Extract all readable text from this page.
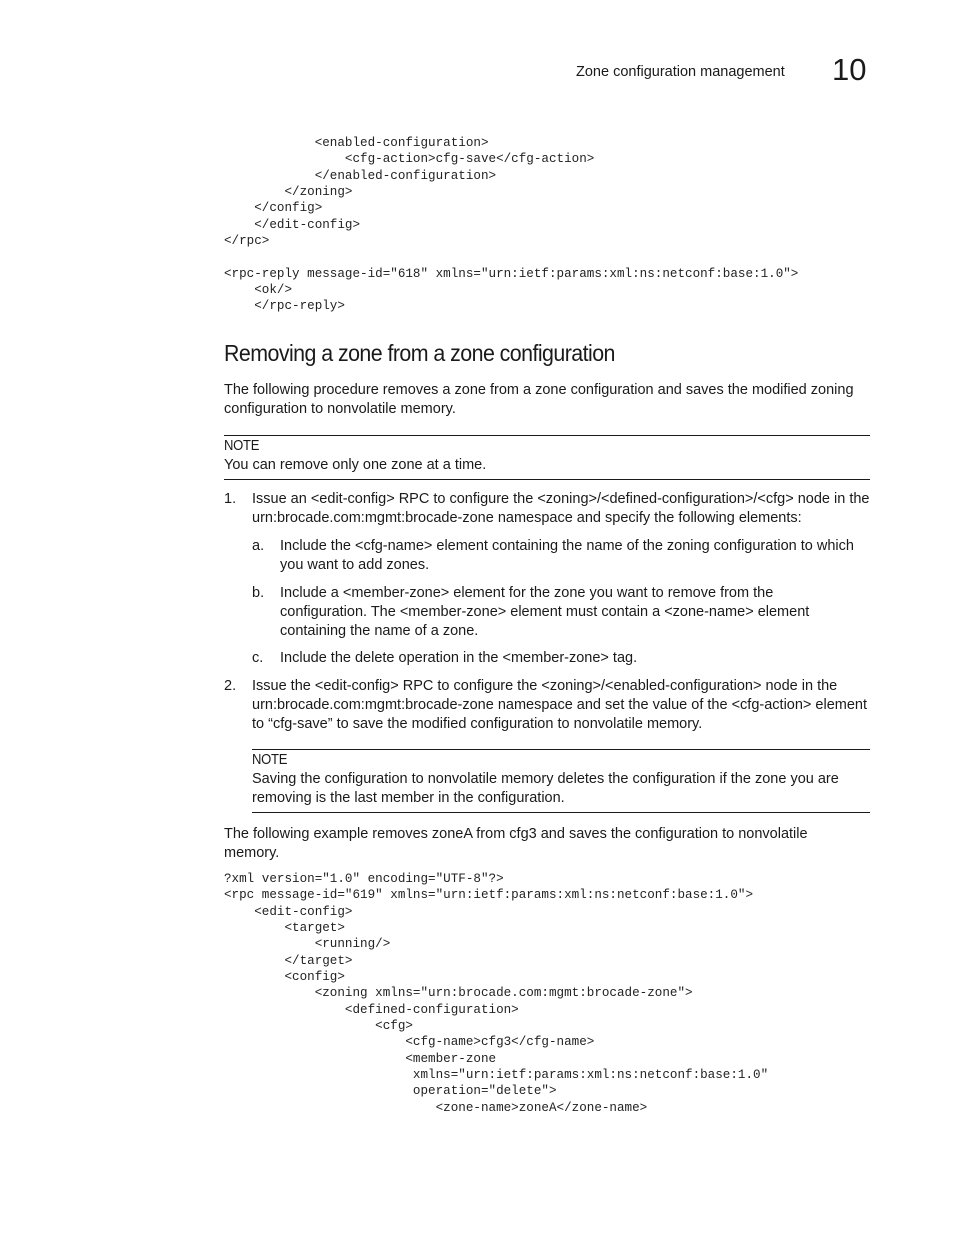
Zone configuration management 10
<enabled-configuration>
<cfg-action>cfg-save</cfg-action>
</enabled-configuration>
</zoning>
</config>
</edit-config>
</rpc>

<rpc-reply message-id="618" xmlns="urn:ietf:params:xml:ns:netconf:base:1.0">
<ok/>
</rpc-reply>
Removing a zone from a zone configuration

The following procedure removes a zone from a zone configuration and saves the modified zoning configuration to nonvolatile memory.

NOTE

You can remove only one zone at a time.

1. Issue an <edit-config> RPC to configure the <zoning>/<defined-configuration>/<cfg> node in the urn:brocade.com:mgmt:brocade-zone namespace and specify the following elements:

a. Include the <cfg-name> element containing the name of the zoning configuration to which you want to add zones.

b. Include a <member-zone> element for the zone you want to remove from the configuration. The <member-zone> element must contain a <zone-name> element containing the name of a zone.

c. Include the delete operation in the <member-zone> tag.

2. Issue the <edit-config> RPC to configure the <zoning>/<enabled-configuration> node in the urn:brocade.com:mgmt:brocade-zone namespace and set the value of the <cfg-action> element to “cfg-save” to save the modified configuration to nonvolatile memory.

NOTE

Saving the configuration to nonvolatile memory deletes the configuration if the zone you are removing is the last member in the configuration.

The following example removes zoneA from cfg3 and saves the configuration to nonvolatile memory.

?xml version="1.0" encoding="UTF-8"?>
<rpc message-id="619" xmlns="urn:ietf:params:xml:ns:netconf:base:1.0">
<edit-config>
<target>
<running/>
</target>
<config>
<zoning xmlns="urn:brocade.com:mgmt:brocade-zone">
<defined-configuration>
<cfg>
<cfg-name>cfg3</cfg-name>
<member-zone
xmlns="urn:ietf:params:xml:ns:netconf:base:1.0"
operation="delete">
<zone-name>zoneA</zone-name>
